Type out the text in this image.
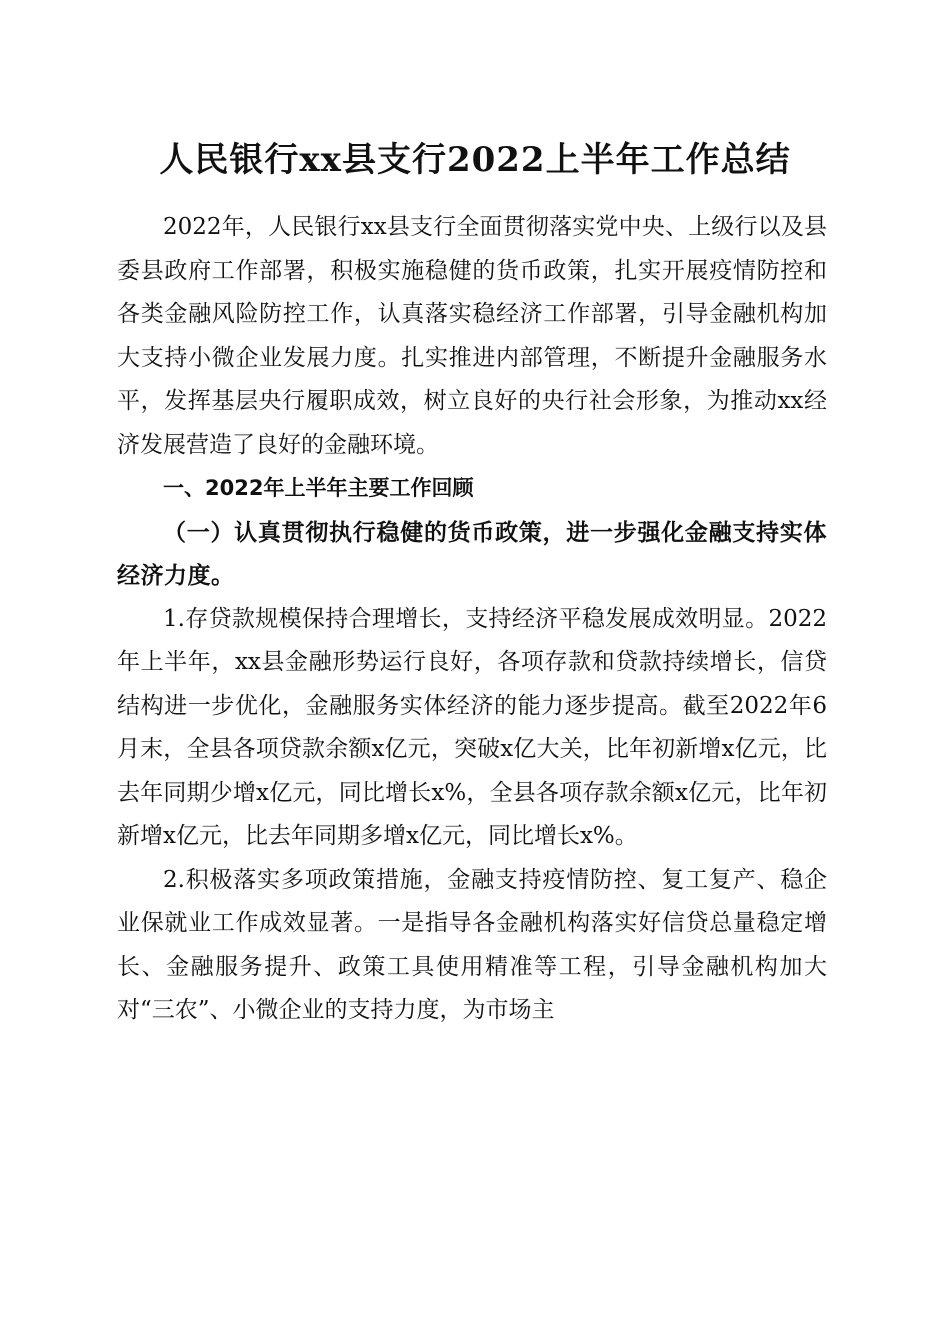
人民银行xx县支行2022上半年工作总结

2022年，人民银行xx县支行全面贯彻落实党中央、上级行以及县委县政府工作部署，积极实施稳健的货币政策，扎实开展疫情防控和各类金融风险防控工作，认真落实稳经济工作部署，引导金融机构加大支持小微企业发展力度。扎实推进内部管理，不断提升金融服务水平，发挥基层央行履职成效，树立良好的央行社会形象，为推动xx经济发展营造了良好的金融环境。

一、2022年上半年主要工作回顾

（一）认真贯彻执行稳健的货币政策，进一步强化金融支持实体经济力度。

1.存贷款规模保持合理增长，支持经济平稳发展成效明显。2022年上半年，xx县金融形势运行良好，各项存款和贷款持续增长，信贷结构进一步优化，金融服务实体经济的能力逐步提高。截至2022年6月末，全县各项贷款余额x亿元，突破x亿大关，比年初新增x亿元，比去年同期少增x亿元，同比增长x%，全县各项存款余额x亿元，比年初新增x亿元，比去年同期多增x亿元，同比增长x%。

2.积极落实多项政策措施，金融支持疫情防控、复工复产、稳企业保就业工作成效显著。一是指导各金融机构落实好信贷总量稳定增长、金融服务提升、政策工具使用精准等工程，引导金融机构加大对“三农”、小微企业的支持力度，为市场主
